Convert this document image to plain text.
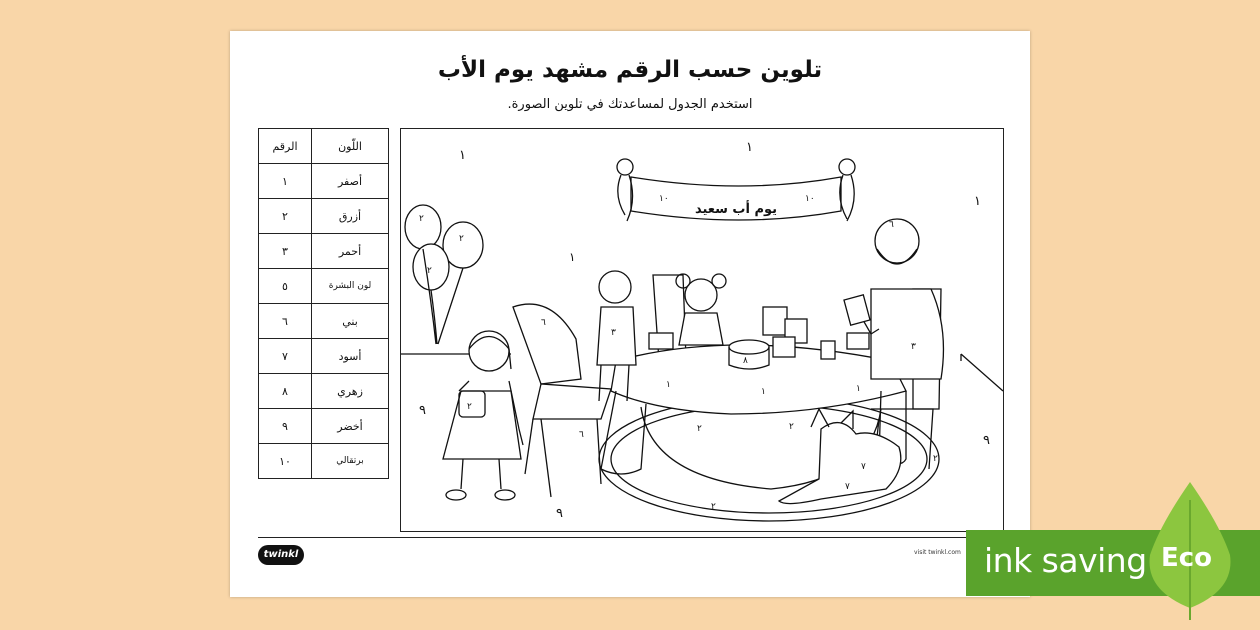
تلوين حسب الرقم مشهد يوم الأب
استخدم الجدول لمساعدتك في تلوين الصورة.
الرقم	اللّون
١	أصفر
٢	أزرق
٣	أحمر
٥	لون البشرة
٦	بني
٧	أسود
٨	زهري
٩	أخضر
١٠	برتقالي
يوم أب سعيد
١٠	١٠
٢
٢
٢
٢
١
١	١
٣
٨
٣
٦
٧
٧
١
١
١
١
٩
٩
٩
٦
٦
٢	٢
٢
٢
twinkl	visit twinkl.com ink saving Eco
